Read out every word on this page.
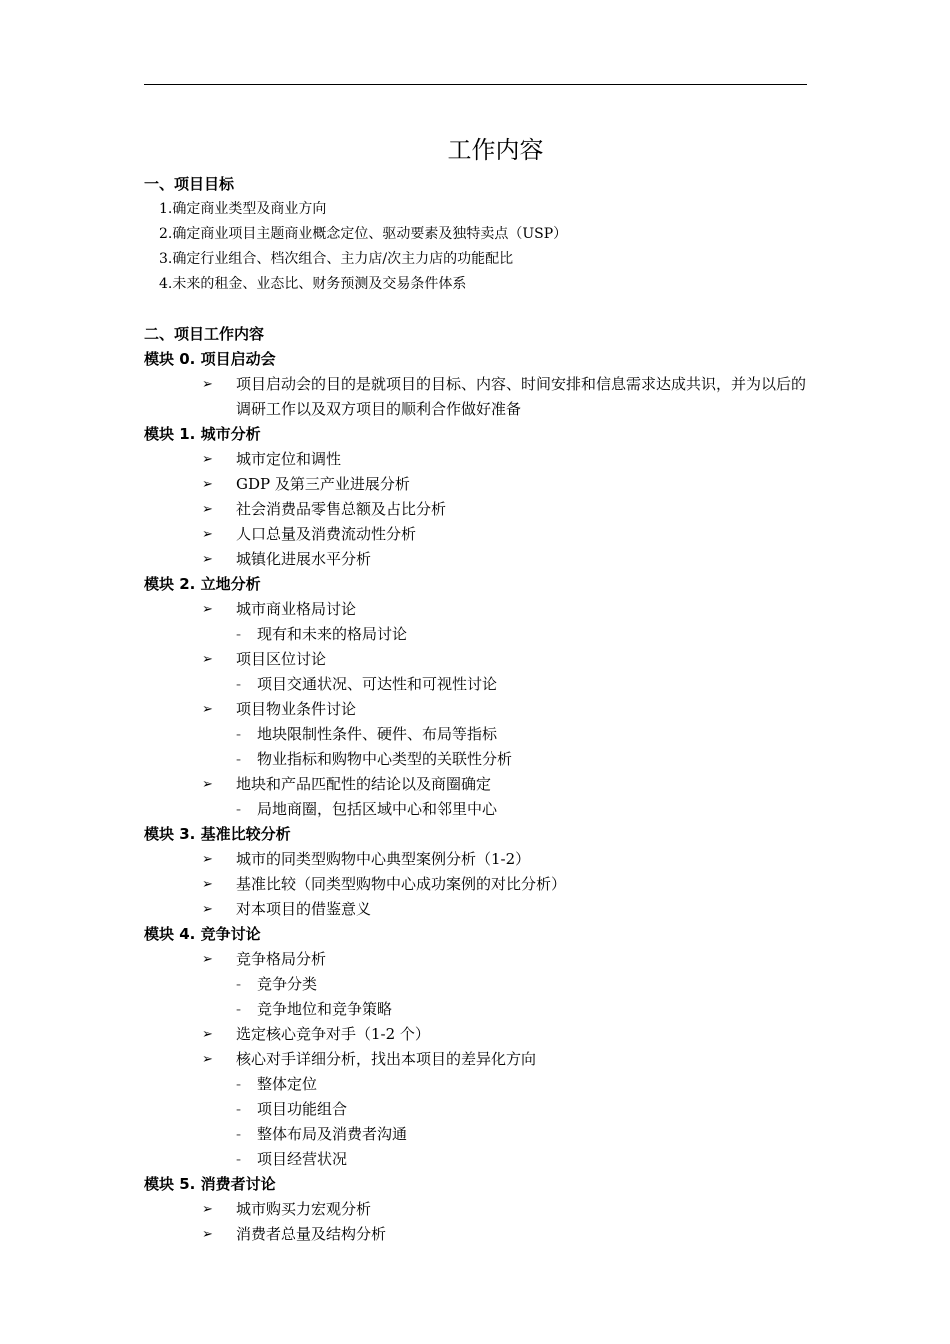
工作内容
一、项目目标
1.确定商业类型及商业方向
2.确定商业项目主题商业概念定位、驱动要素及独特卖点（USP）
3.确定行业组合、档次组合、主力店/次主力店的功能配比
4.未来的租金、业态比、财务预测及交易条件体系
二、项目工作内容
模块 0. 项目启动会
➢	项目启动会的目的是就项目的目标、内容、时间安排和信息需求达成共识，并为以后的调研工作以及双方项目的顺利合作做好准备
模块 1. 城市分析
➢	城市定位和调性
➢	GDP 及第三产业进展分析
➢	社会消费品零售总额及占比分析
➢	人口总量及消费流动性分析
➢	城镇化进展水平分析
模块 2. 立地分析
➢	城市商业格局讨论
- 现有和未来的格局讨论
➢	项目区位讨论
- 项目交通状况、可达性和可视性讨论
➢	项目物业条件讨论
- 地块限制性条件、硬件、布局等指标
- 物业指标和购物中心类型的关联性分析
➢	地块和产品匹配性的结论以及商圈确定
- 局地商圈，包括区域中心和邻里中心
模块 3. 基准比较分析
➢	城市的同类型购物中心典型案例分析（1-2）
➢	基准比较（同类型购物中心成功案例的对比分析）
➢	对本项目的借鉴意义
模块 4. 竞争讨论
➢	竞争格局分析
- 竞争分类
- 竞争地位和竞争策略
➢	选定核心竞争对手（1-2 个）
➢	核心对手详细分析，找出本项目的差异化方向
- 整体定位
- 项目功能组合
- 整体布局及消费者沟通
- 项目经营状况
模块 5. 消费者讨论
➢	城市购买力宏观分析
➢	消费者总量及结构分析
